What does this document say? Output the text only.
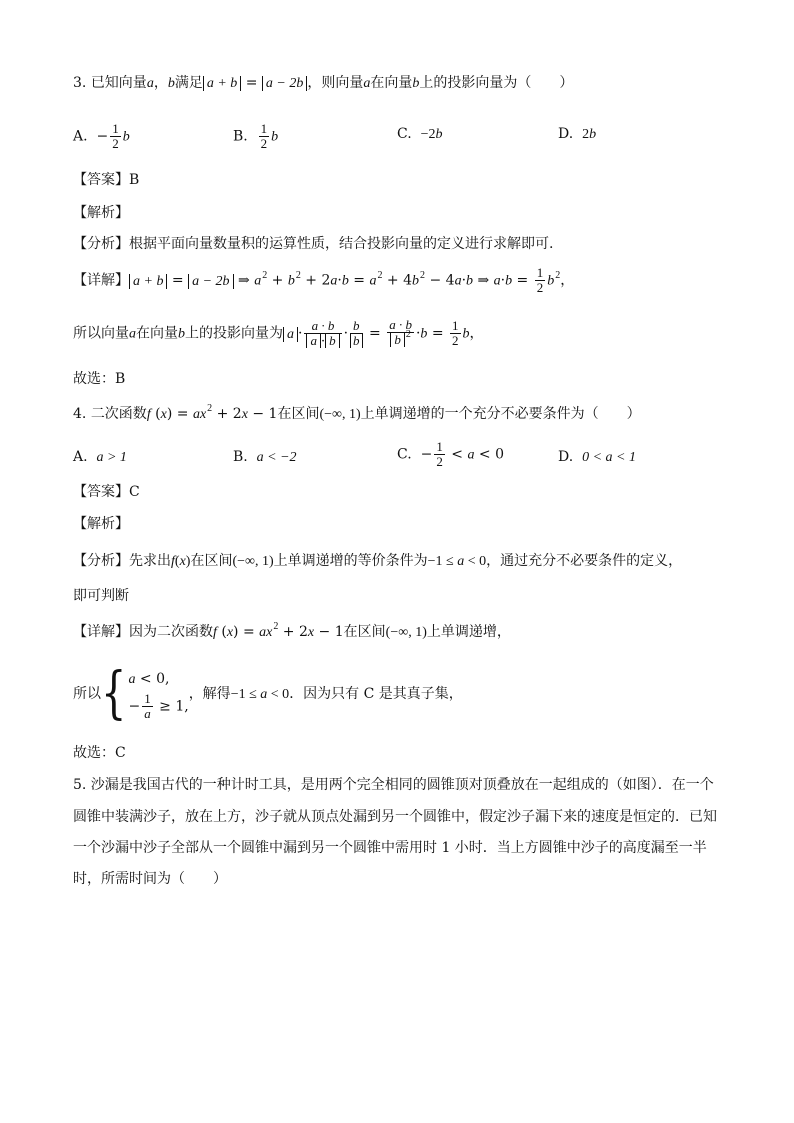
3. 已知向量a，b满足 a + b = a − 2b ，则向量a在向量b上的投影向量为（　　）
A.  − $\frac{1}{2}$ b	B. $\frac{1}{2}$ b	C. −2b	D. 2b
【答案】B
【解析】
【分析】根据平面向量数量积的运算性质，结合投影向量的定义进行求解即可.
【详解】 a + b = a − 2b ⇒ $a^2 + b^2 + 2a\cdot b = a^2 + 4b^2 - 4a\cdot b$ ⇒ $a\cdot b = \frac{1}{2} b^2$，
所以向量a在向量b上的投影向量为 $a \cdot \frac{a \cdot b}{a \cdot b} \cdot \frac{b}{b} = \frac{a \cdot b}{b ^2} \cdot b = \frac{1}{2}$ b，
故选：B
4. 二次函数f $(x) = ax^2 + 2x - 1$在区间(−∞, 1)上单调递增的一个充分不必要条件为（　　）
A. a > 1	B. a < −2	C.  − $\frac{1}{2} < a < 0$	D. 0 < a < 1
【答案】C
【解析】
【分析】先求出f(x)在区间(−∞, 1)上单调递增的等价条件为−1 ≤ a < 0，通过充分不必要条件的定义，
即可判断
【详解】因为二次函数f $(x) = ax^2 + 2x - 1$在区间(−∞, 1)上单调递增，
所以{ a < 0,
− $\frac{1}{a} \ge 1$,
，解得−1 ≤ a < 0．因为只有 C 是其真子集，
故选：C
5. 沙漏是我国古代的一种计时工具，是用两个完全相同的圆锥顶对顶叠放在一起组成的（如图）．在一个
圆锥中装满沙子，放在上方，沙子就从顶点处漏到另一个圆锥中，假定沙子漏下来的速度是恒定的．已知
一个沙漏中沙子全部从一个圆锥中漏到另一个圆锥中需用时 1 小时．当上方圆锥中沙子的高度漏至一半
时，所需时间为（　　）
